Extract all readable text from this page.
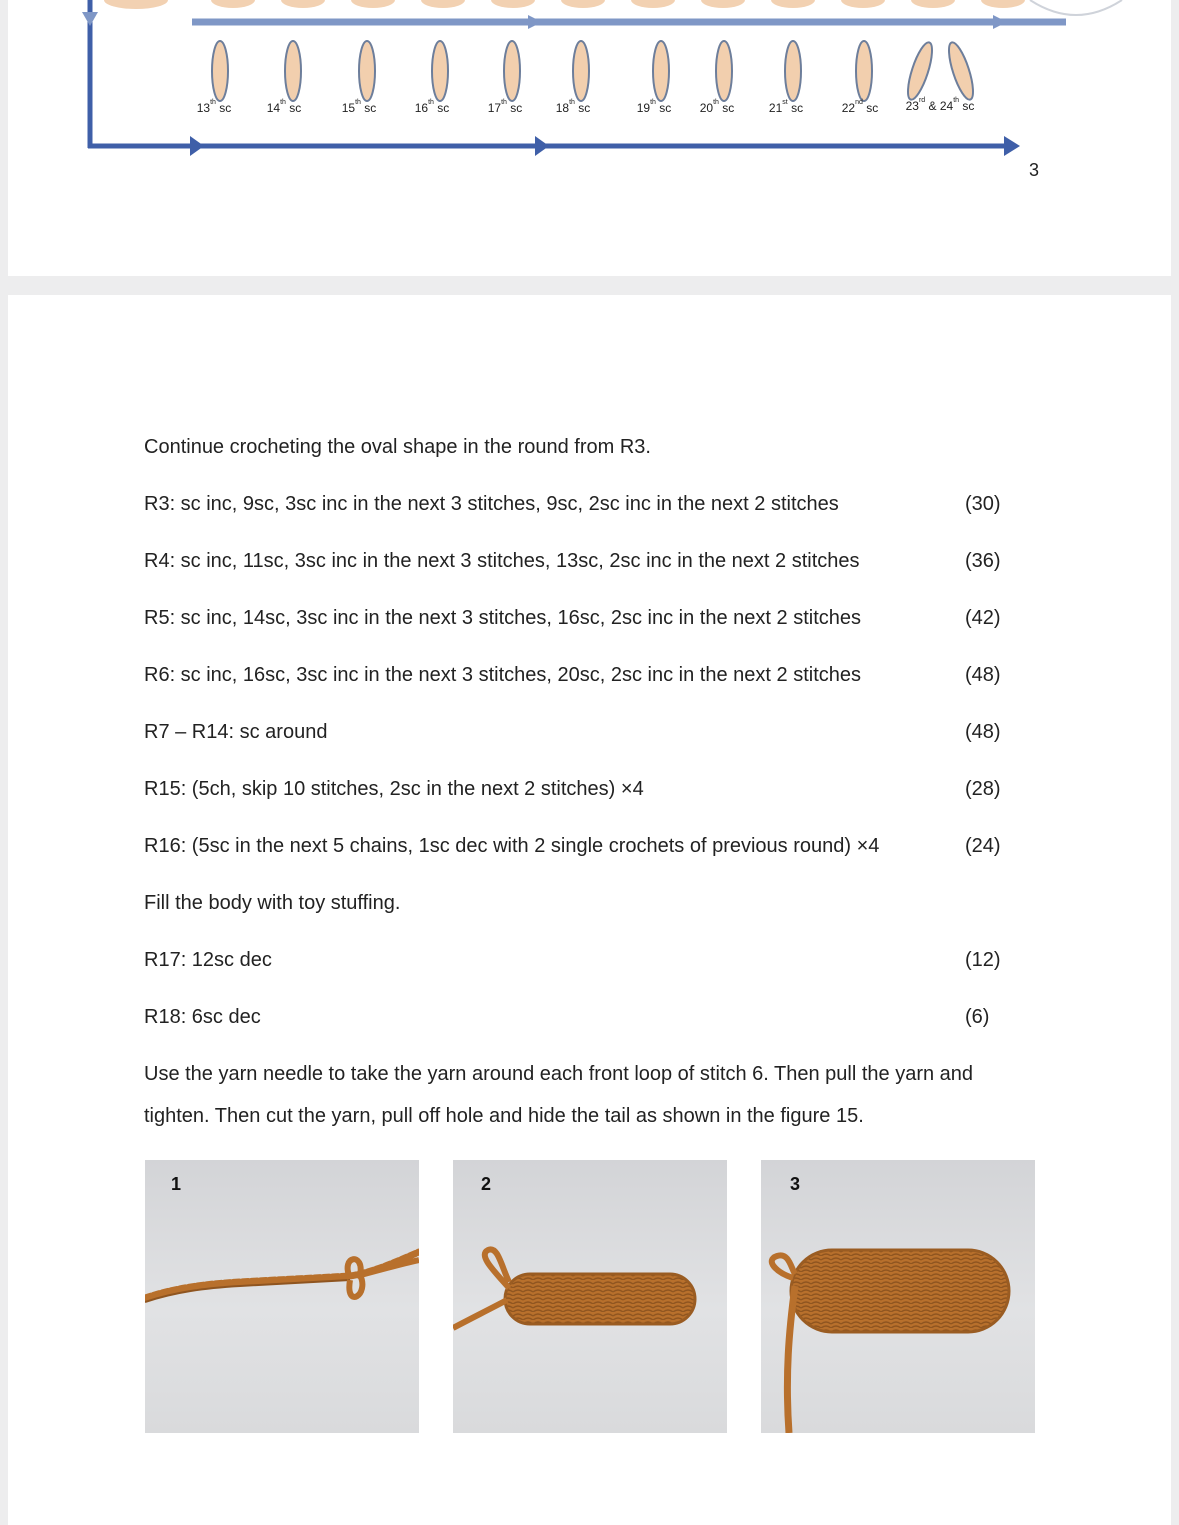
13th sc	14th sc	15th sc	16th sc	17th sc	18th sc	19th sc 20th sc	21st sc	22nd sc 23rd & 24th sc
3
Continue crocheting the oval shape in the round from R3.
R3: sc inc, 9sc, 3sc inc in the next 3 stitches, 9sc, 2sc inc in the next 2 stitches	(30)
R4: sc inc, 11sc, 3sc inc in the next 3 stitches, 13sc, 2sc inc in the next 2 stitches	(36)
R5: sc inc, 14sc, 3sc inc in the next 3 stitches, 16sc, 2sc inc in the next 2 stitches	(42)
R6: sc inc, 16sc, 3sc inc in the next 3 stitches, 20sc, 2sc inc in the next 2 stitches	(48)
R7 – R14: sc around	(48)
R15: (5ch, skip 10 stitches, 2sc in the next 2 stitches) ×4	(28)
R16: (5sc in the next 5 chains, 1sc dec with 2 single crochets of previous round) ×4	(24)
Fill the body with toy stuffing.
R17: 12sc dec	(12)
R18: 6sc dec	(6)
Use the yarn needle to take the yarn around each front loop of stitch 6. Then pull the yarn and
tighten. Then cut the yarn, pull off hole and hide the tail as shown in the figure 15.
1	2	3
